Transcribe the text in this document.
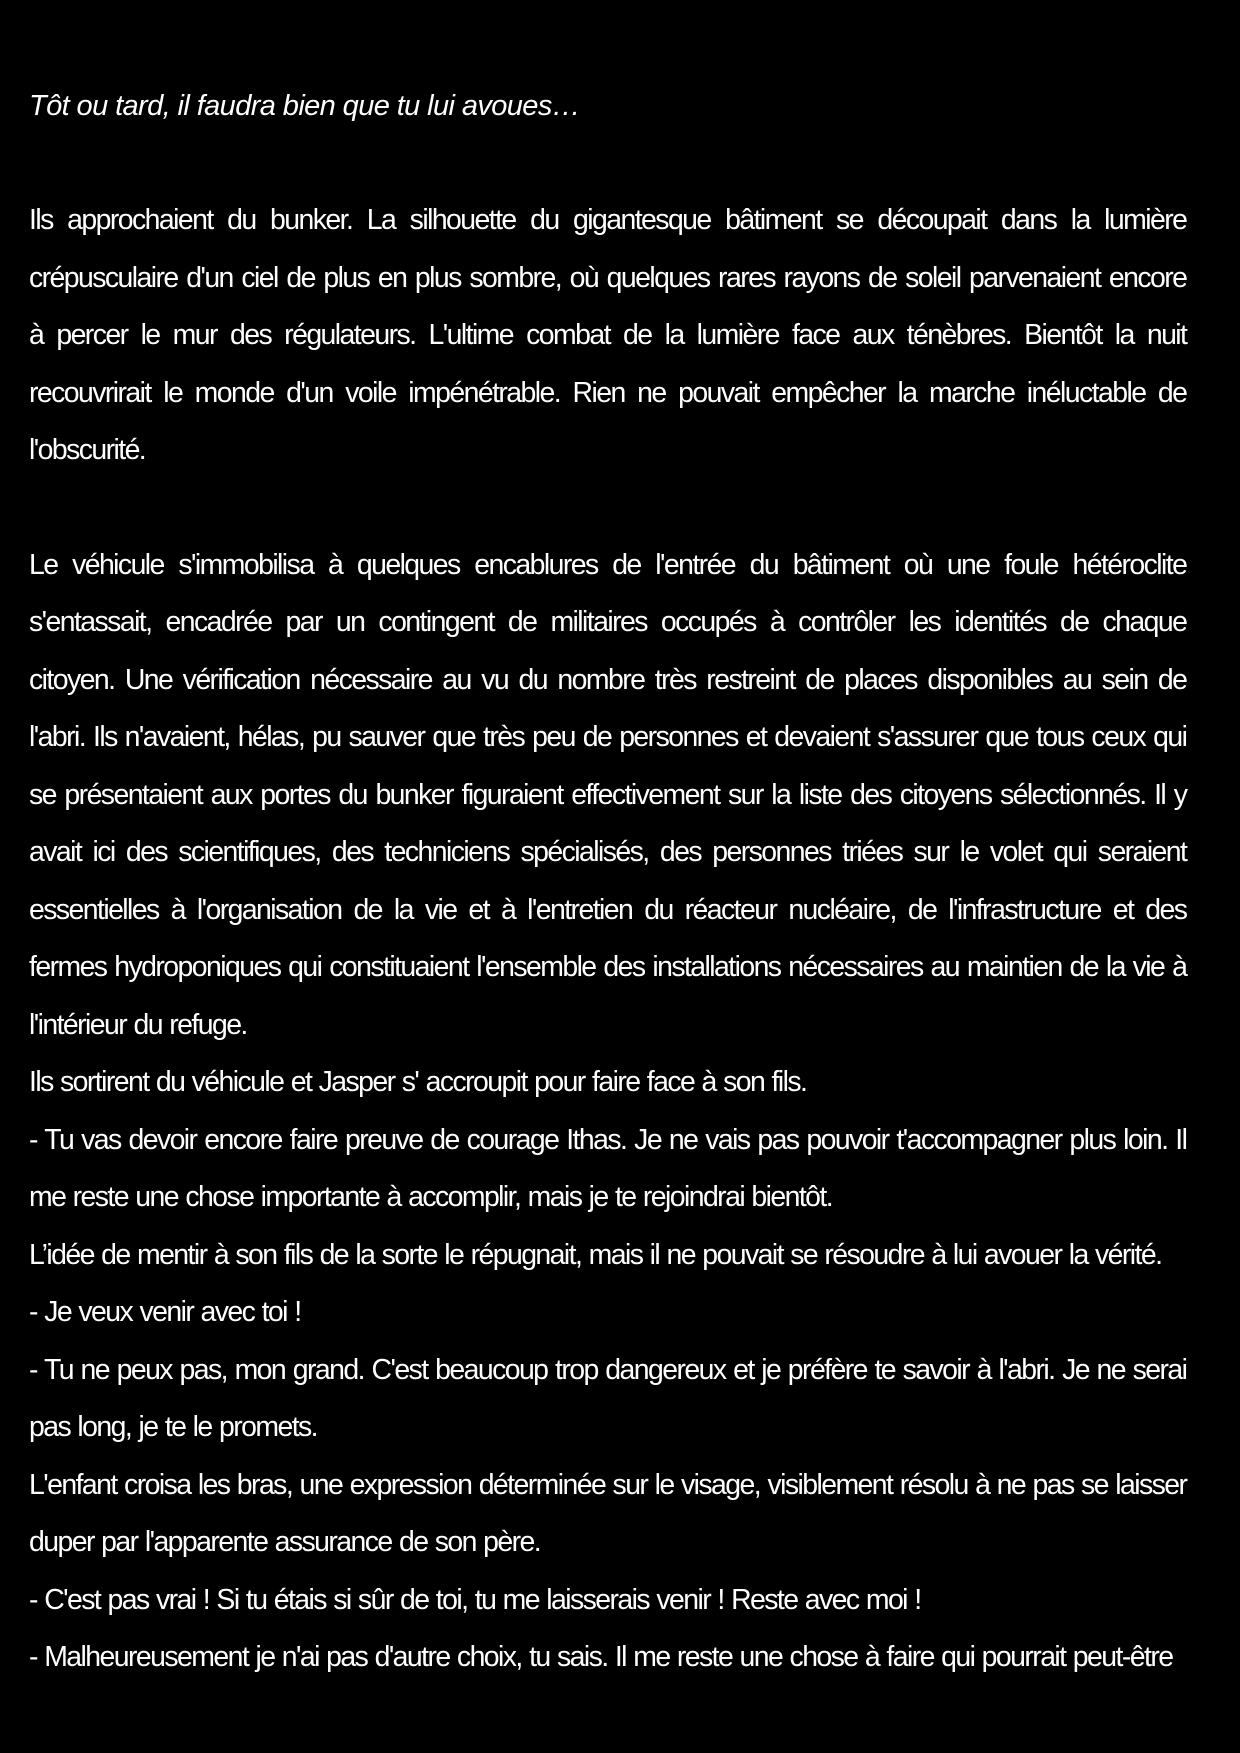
Tôt ou tard, il faudra bien que tu lui avoues…

Ils approchaient du bunker. La silhouette du gigantesque bâtiment se découpait dans la lumière crépusculaire d'un ciel de plus en plus sombre, où quelques rares rayons de soleil parvenaient encore à percer le mur des régulateurs. L'ultime combat de la lumière face aux ténèbres. Bientôt la nuit recouvrirait le monde d'un voile impénétrable. Rien ne pouvait empêcher la marche inéluctable de l'obscurité.

Le véhicule s'immobilisa à quelques encablures de l'entrée du bâtiment où une foule hétéroclite s'entassait, encadrée par un contingent de militaires occupés à contrôler les identités de chaque citoyen. Une vérification nécessaire au vu du nombre très restreint de places disponibles au sein de l'abri. Ils n'avaient, hélas, pu sauver que très peu de personnes et devaient s'assurer que tous ceux qui se présentaient aux portes du bunker figuraient effectivement sur la liste des citoyens sélectionnés. Il y avait ici des scientifiques, des techniciens spécialisés, des personnes triées sur le volet qui seraient essentielles à l'organisation de la vie et à l'entretien du réacteur nucléaire, de l'infrastructure et des fermes hydroponiques qui constituaient l'ensemble des installations nécessaires au maintien de la vie à l'intérieur du refuge.

Ils sortirent du véhicule et Jasper s' accroupit pour faire face à son fils.

- Tu vas devoir encore faire preuve de courage Ithas. Je ne vais pas pouvoir t'accompagner plus loin. Il me reste une chose importante à accomplir, mais je te rejoindrai bientôt.

L’idée de mentir à son fils de la sorte le répugnait, mais il ne pouvait se résoudre à lui avouer la vérité.

- Je veux venir avec toi !

- Tu ne peux pas, mon grand. C'est beaucoup trop dangereux et je préfère te savoir à l'abri. Je ne serai pas long, je te le promets.

L'enfant croisa les bras, une expression déterminée sur le visage, visiblement résolu à ne pas se laisser duper par l'apparente assurance de son père.

- C'est pas vrai ! Si tu étais si sûr de toi, tu me laisserais venir ! Reste avec moi !

- Malheureusement je n'ai pas d'autre choix, tu sais. Il me reste une chose à faire qui pourrait peut-être
